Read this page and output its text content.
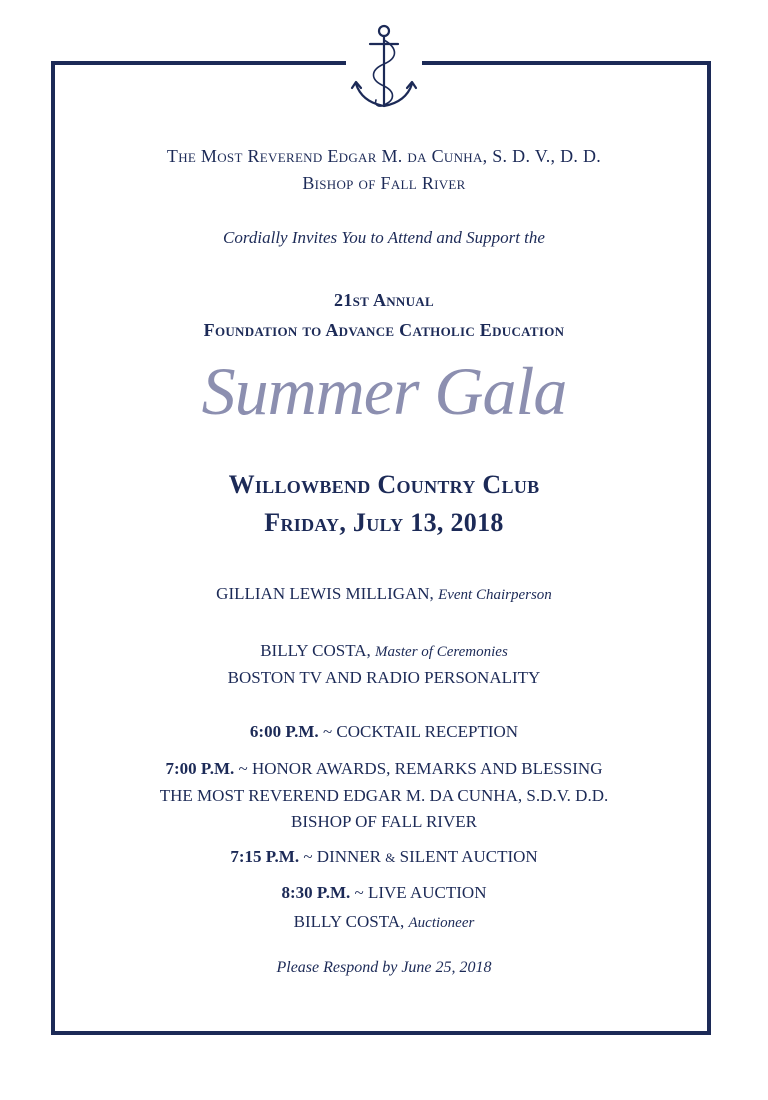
The Most Reverend Edgar M. da Cunha, S. D. V., D. D.
Bishop of Fall River
Cordially Invites You to Attend and Support the
21st Annual
Foundation to Advance Catholic Education
Summer Gala
Willowbend Country Club
Friday, July 13, 2018
GILLIAN LEWIS MILLIGAN, Event Chairperson
BILLY COSTA, Master of Ceremonies
BOSTON TV AND RADIO PERSONALITY
6:00 P.M. ~ COCKTAIL RECEPTION
7:00 P.M. ~ HONOR AWARDS, REMARKS AND BLESSING
THE MOST REVEREND EDGAR M. DA CUNHA, S.D.V. D.D.
BISHOP OF FALL RIVER
7:15 P.M. ~ DINNER & SILENT AUCTION
8:30 P.M. ~ LIVE AUCTION
BILLY COSTA, Auctioneer
Please Respond by June 25, 2018
